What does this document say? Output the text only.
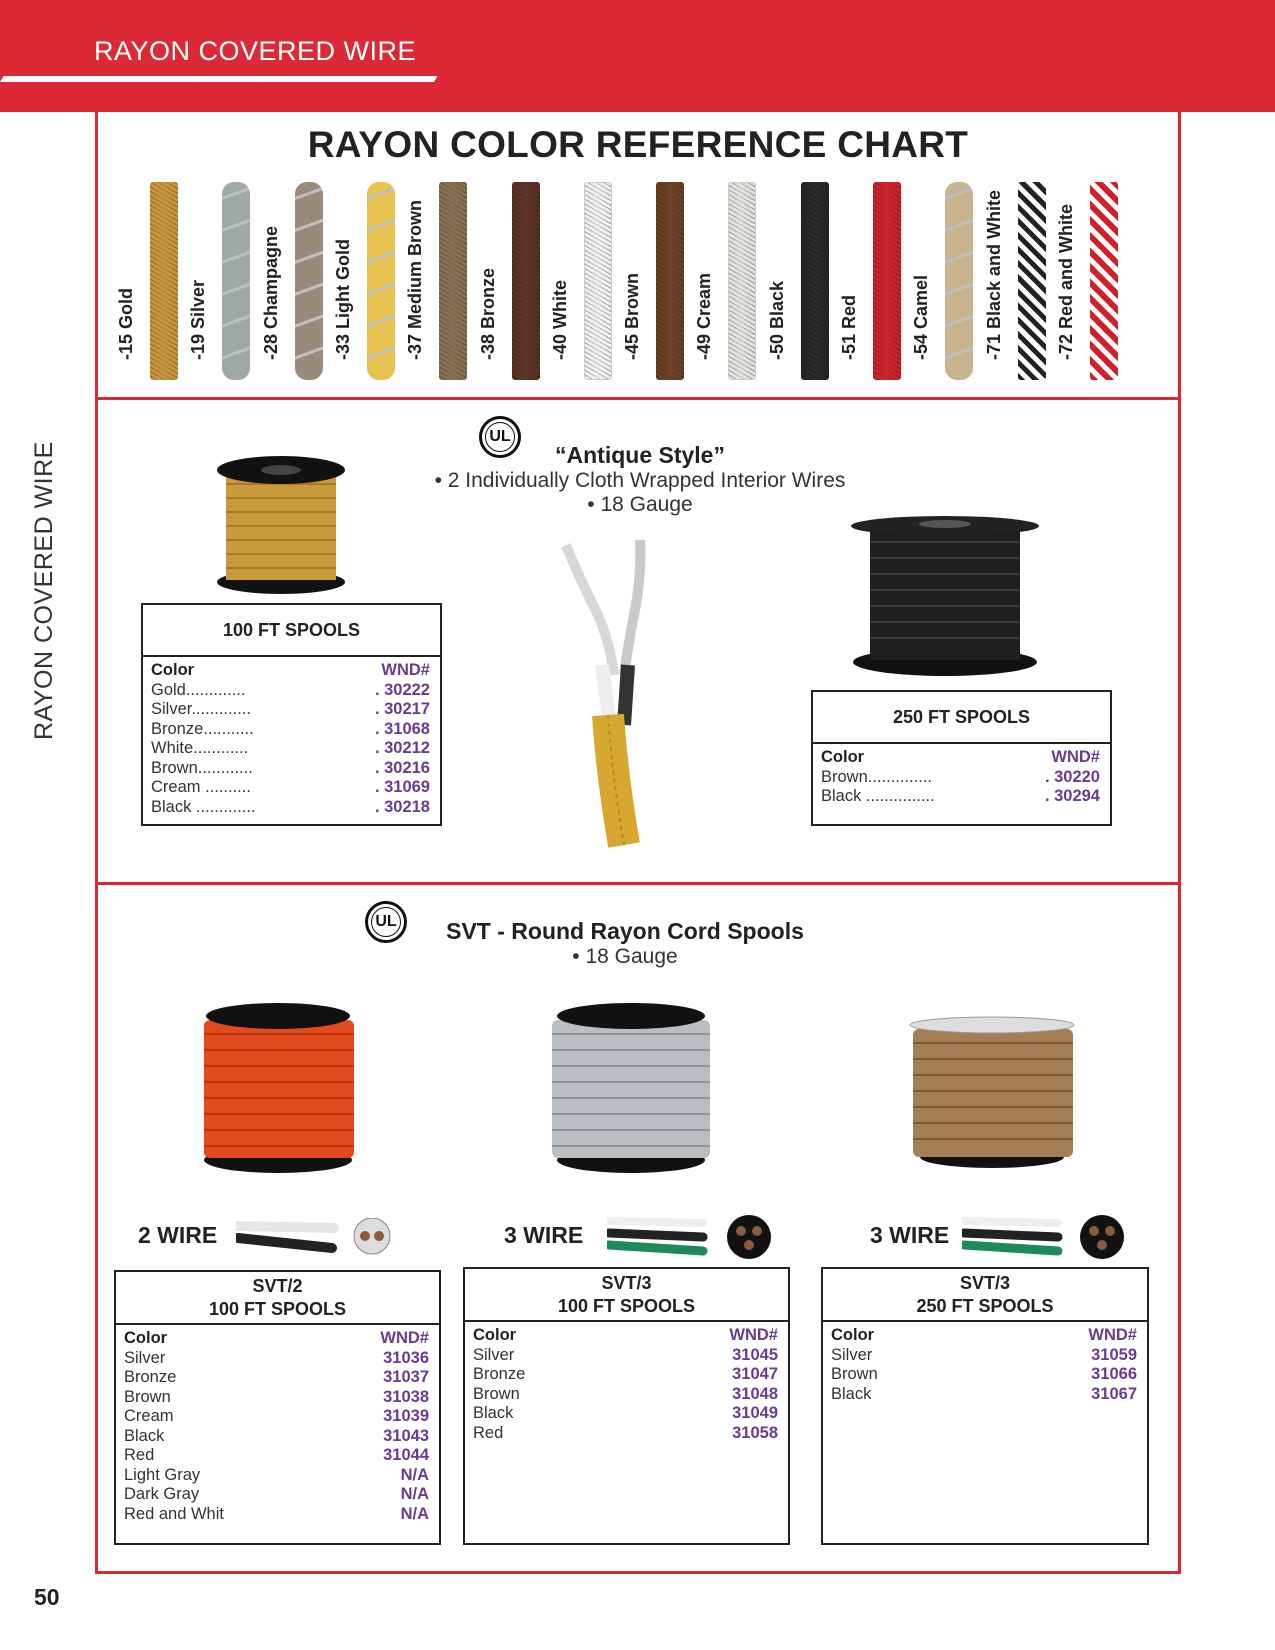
RAYON COVERED WIRE
RAYON COVERED WIRE
RAYON COLOR REFERENCE CHART
-15 Gold	-19 Silver	-28 Champagne	-33 Light Gold	-37 Medium Brown	-38 Bronze	-40 White	-45 Brown	-49 Cream	-50 Black	-51 Red	-54 Camel	-71 Black and White	-72 Red and White
UL
“Antique Style”
• 2 Individually Cloth Wrapped Interior Wires
• 18 Gauge
100 FT SPOOLS
Color	WND#
Gold.............	. 30222
Silver.............	. 30217
Bronze...........	. 31068
White............	. 30212
Brown............	. 30216
Cream ..........	. 31069
Black .............	. 30218
250 FT SPOOLS
Color	WND#
Brown..............	. 30220
Black ...............	. 30294
UL	SVT - Round Rayon Cord Spools
• 18 Gauge
2 WIRE	3 WIRE	3 WIRE
SVT/2
100 FT SPOOLS
Color	WND#
Silver	31036
Bronze	31037
Brown	31038
Cream	31039
Black	31043
Red	31044
Light Gray	N/A
Dark Gray	N/A
Red and Whit	N/A
SVT/3
100 FT SPOOLS
Color	WND#
Silver	31045
Bronze	31047
Brown	31048
Black	31049
Red	31058
SVT/3
250 FT SPOOLS
Color	WND#
Silver	31059
Brown	31066
Black	31067
50
